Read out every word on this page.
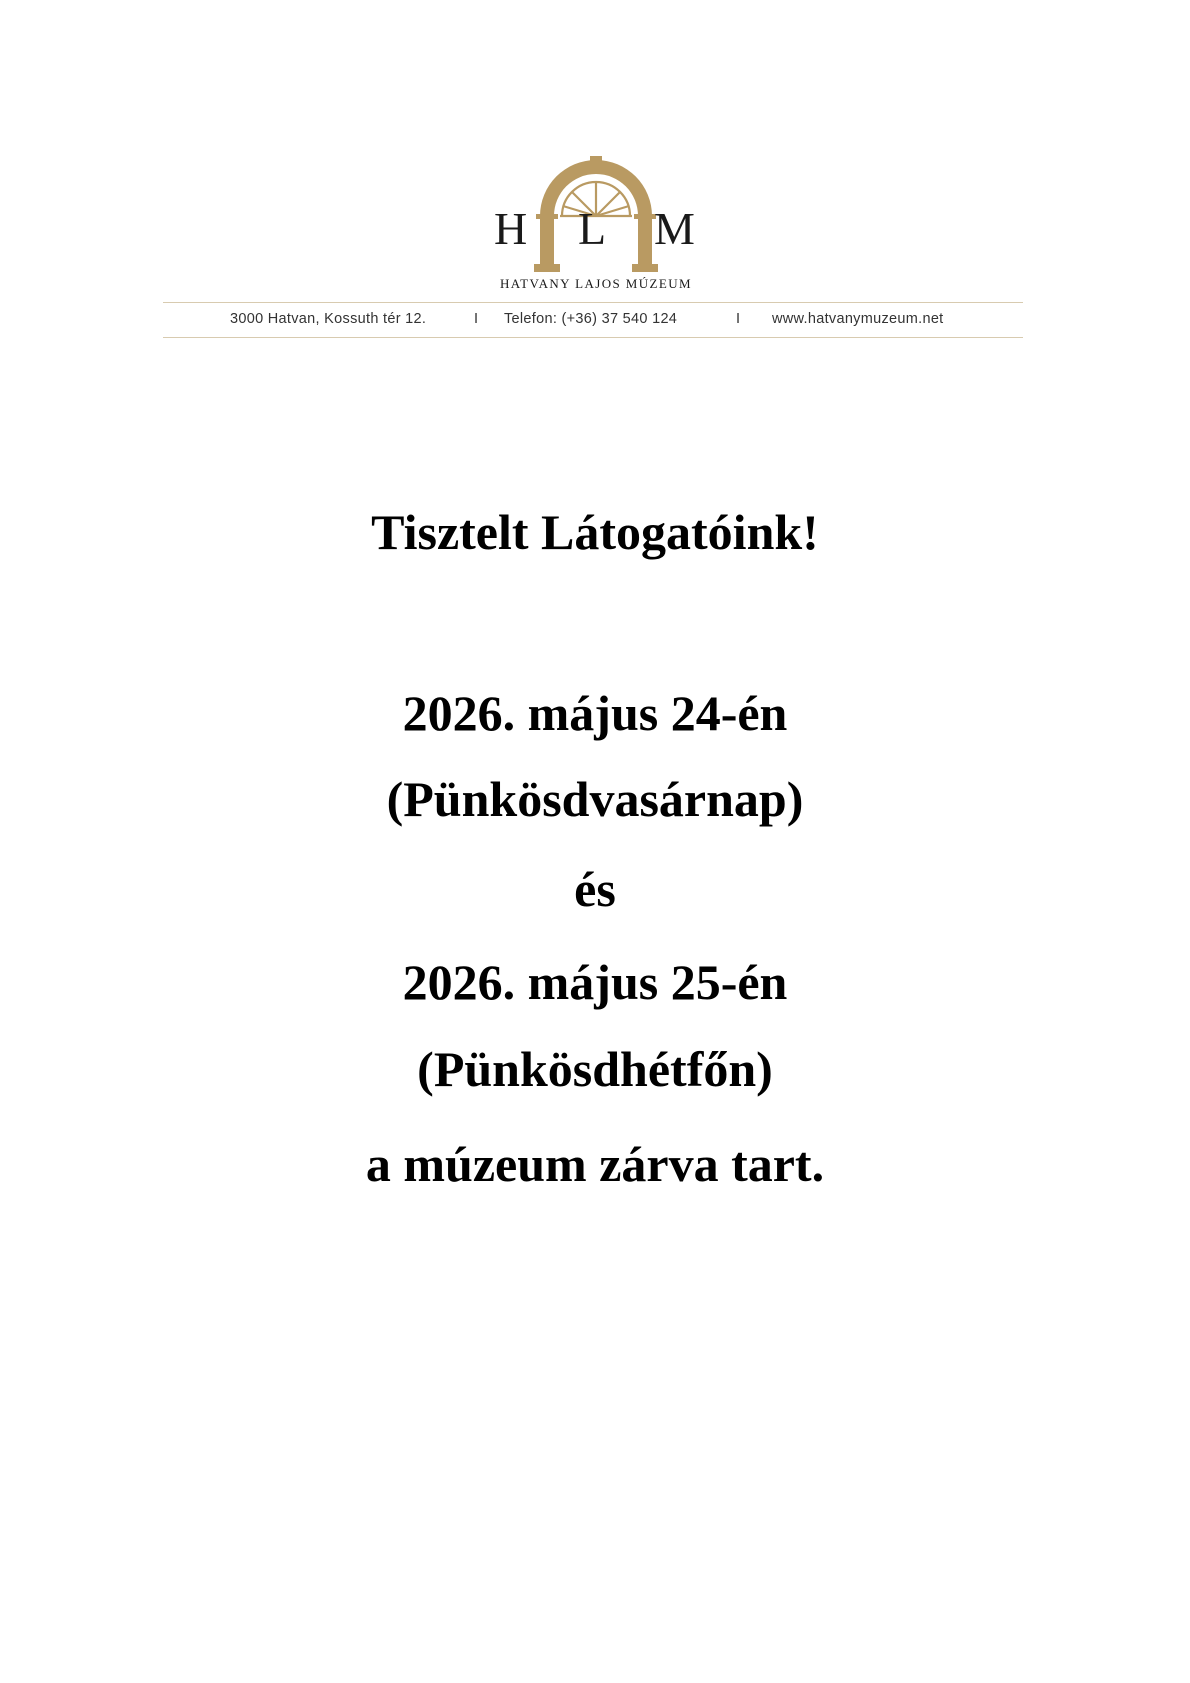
H L M
HATVANY LAJOS MÚZEUM
3000 Hatvan, Kossuth tér 12.	I Telefon: (+36) 37 540 124	I www.hatvanymuzeum.net
Tisztelt Látogatóink!
2026. május 24-én
(Pünkösdvasárnap)
és
2026. május 25-én
(Pünkösdhétfőn)
a múzeum zárva tart.
